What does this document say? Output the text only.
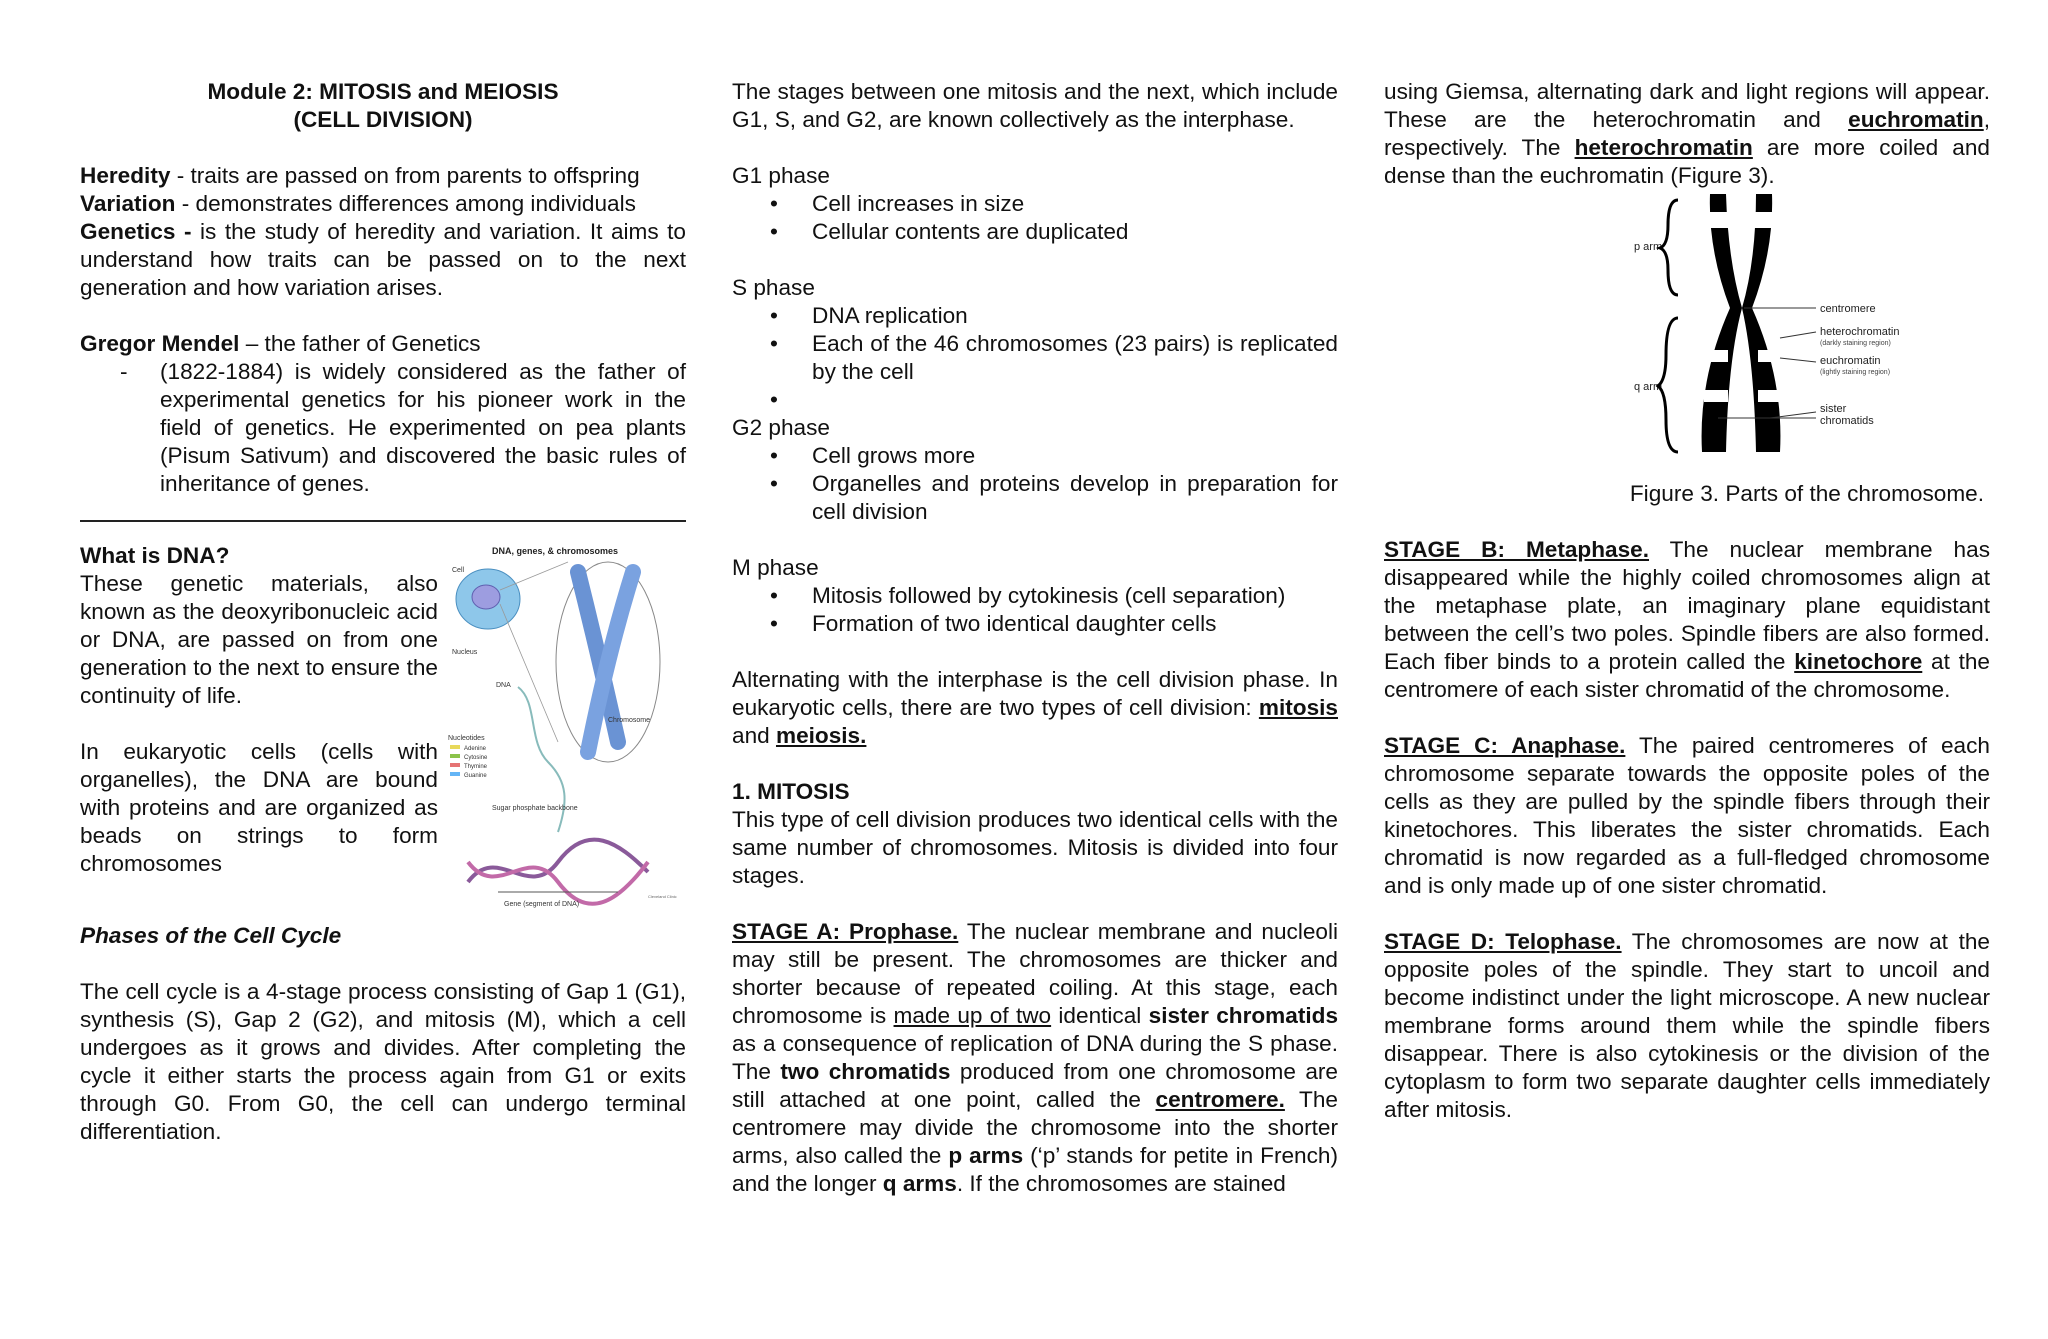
Module 2: MITOSIS and MEIOSIS
(CELL DIVISION)

Heredity - traits are passed on from parents to offspring

Variation - demonstrates differences among individuals

Genetics - is the study of heredity and variation. It aims to understand how traits can be passed on to the next generation and how variation arises.

Gregor Mendel – the father of Genetics

- (1822-1884) is widely considered as the father of experimental genetics for his pioneer work in the field of genetics. He experimented on pea plants (Pisum Sativum) and discovered the basic rules of inheritance of genes.

What is DNA?

These genetic materials, also known as the deoxyribonucleic acid or DNA, are passed on from one generation to the next to ensure the continuity of life.

In eukaryotic cells (cells with organelles), the DNA are bound with proteins and are organized as beads on strings to form chromosomes

DNA, genes, & chromosomes
Cell
Nucleus
Chromosome
DNA
Nucleotides
Adenine
Cytosine
Thymine
Guanine
Sugar phosphate backbone
Gene (segment of DNA)
Cleveland Clinic

Phases of the Cell Cycle

The cell cycle is a 4-stage process consisting of Gap 1 (G1), synthesis (S), Gap 2 (G2), and mitosis (M), which a cell undergoes as it grows and divides. After completing the cycle it either starts the process again from G1 or exits through G0. From G0, the cell can undergo terminal differentiation.

The stages between one mitosis and the next, which include G1, S, and G2, are known collectively as the interphase.

G1 phase

• Cell increases in size
• Cellular contents are duplicated

S phase

• DNA replication
• Each of the 46 chromosomes (23 pairs) is replicated by the cell
•

G2 phase

• Cell grows more
• Organelles and proteins develop in preparation for cell division

M phase

• Mitosis followed by cytokinesis (cell separation)
• Formation of two identical daughter cells

Alternating with the interphase is the cell division phase. In eukaryotic cells, there are two types of cell division: mitosis and meiosis.

1. MITOSIS

This type of cell division produces two identical cells with the same number of chromosomes. Mitosis is divided into four stages.

STAGE A: Prophase. The nuclear membrane and nucleoli may still be present. The chromosomes are thicker and shorter because of repeated coiling. At this stage, each chromosome is made up of two identical sister chromatids as a consequence of replication of DNA during the S phase. The two chromatids produced from one chromosome are still attached at one point, called the centromere. The centromere may divide the chromosome into the shorter arms, also called the p arms (‘p’ stands for petite in French) and the longer q arms. If the chromosomes are stained

using Giemsa, alternating dark and light regions will appear. These are the heterochromatin and euchromatin, respectively. The heterochromatin are more coiled and dense than the euchromatin (Figure 3).

p arm
q arm
centromere
heterochromatin
(darkly staining region)
euchromatin
(lightly staining region)
sister
chromatids

Figure 3. Parts of the chromosome.

STAGE B: Metaphase. The nuclear membrane has disappeared while the highly coiled chromosomes align at the metaphase plate, an imaginary plane equidistant between the cell’s two poles. Spindle fibers are also formed. Each fiber binds to a protein called the kinetochore at the centromere of each sister chromatid of the chromosome.

STAGE C: Anaphase. The paired centromeres of each chromosome separate towards the opposite poles of the cells as they are pulled by the spindle fibers through their kinetochores. This liberates the sister chromatids. Each chromatid is now regarded as a full-fledged chromosome and is only made up of one sister chromatid.

STAGE D: Telophase. The chromosomes are now at the opposite poles of the spindle. They start to uncoil and become indistinct under the light microscope. A new nuclear membrane forms around them while the spindle fibers disappear. There is also cytokinesis or the division of the cytoplasm to form two separate daughter cells immediately after mitosis.
